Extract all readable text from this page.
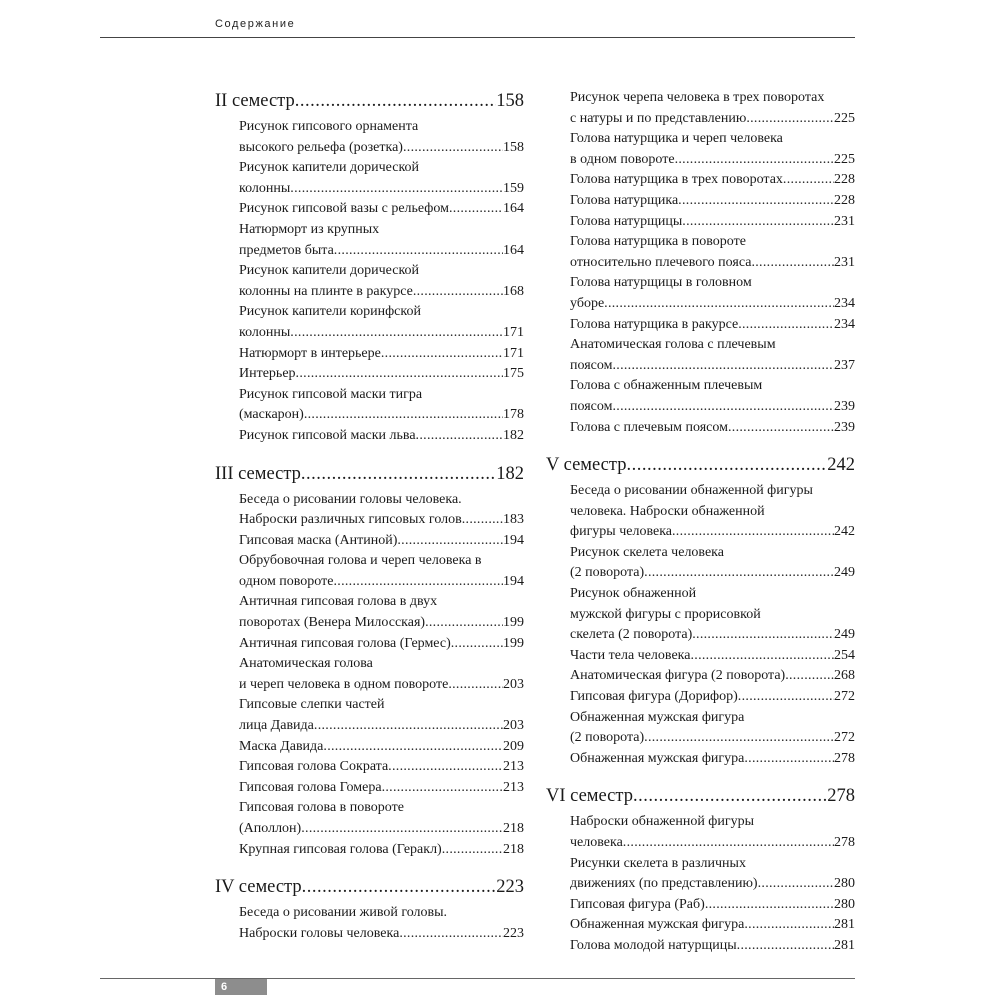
Содержание
II семестр .....	158
Рисунок гипсового орнамента
высокого рельефа (розетка) .....	158
Рисунок капители дорической
колонны .....	159
Рисунок гипсовой вазы с рельефом .....	164
Натюрморт из крупных
предметов быта .....	164
Рисунок капители дорической
колонны на плинте в ракурсе .....	168
Рисунок капители коринфской
колонны .....	171
Натюрморт в интерьере .....	171
Интерьер .....	175
Рисунок гипсовой маски тигра
(маскарон) .....	178
Рисунок гипсовой маски льва .....	182
III семестр .....	182
Беседа о рисовании головы человека.
Наброски различных гипсовых голов .....	183
Гипсовая маска (Антиной) .....	194
Обрубовочная голова и череп человека в
одном повороте .....	194
Античная гипсовая голова в двух
поворотах (Венера Милосская) .....	199
Античная гипсовая голова (Гермес) .....	199
Анатомическая голова
и череп человека в одном повороте .....	203
Гипсовые слепки частей
лица Давида .....	203
Маска Давида .....	209
Гипсовая голова Сократа .....	213
Гипсовая голова Гомера .....	213
Гипсовая голова в повороте
(Аполлон) .....	218
Крупная гипсовая голова (Геракл) .....	218
IV семестр .....	223
Беседа о рисовании живой головы.
Наброски головы человека .....	223
Рисунок черепа человека в трех поворотах
с натуры и по представлению .....	225
Голова натурщика и череп человека
в одном повороте .....	225
Голова натурщика в трех поворотах .....	228
Голова натурщика .....	228
Голова натурщицы .....	231
Голова натурщика в повороте
относительно плечевого пояса .....	231
Голова натурщицы в головном
уборе .....	234
Голова натурщика в ракурсе .....	234
Анатомическая голова с плечевым
поясом .....	237
Голова с обнаженным плечевым
поясом .....	239
Голова с плечевым поясом .....	239
V семестр .....	242
Беседа о рисовании обнаженной фигуры
человека. Наброски обнаженной
фигуры человека .....	242
Рисунок скелета человека
(2 поворота) .....	249
Рисунок обнаженной
мужской фигуры с прорисовкой
скелета (2 поворота) .....	249
Части тела человека .....	254
Анатомическая фигура (2 поворота) .....	268
Гипсовая фигура (Дорифор) .....	272
Обнаженная мужская фигура
(2 поворота) .....	272
Обнаженная мужская фигура .....	278
VI семестр .....	278
Наброски обнаженной фигуры
человека .....	278
Рисунки скелета в различных
движениях (по представлению) .....	280
Гипсовая фигура (Раб) .....	280
Обнаженная мужская фигура .....	281
Голова молодой натурщицы .....	281
6
